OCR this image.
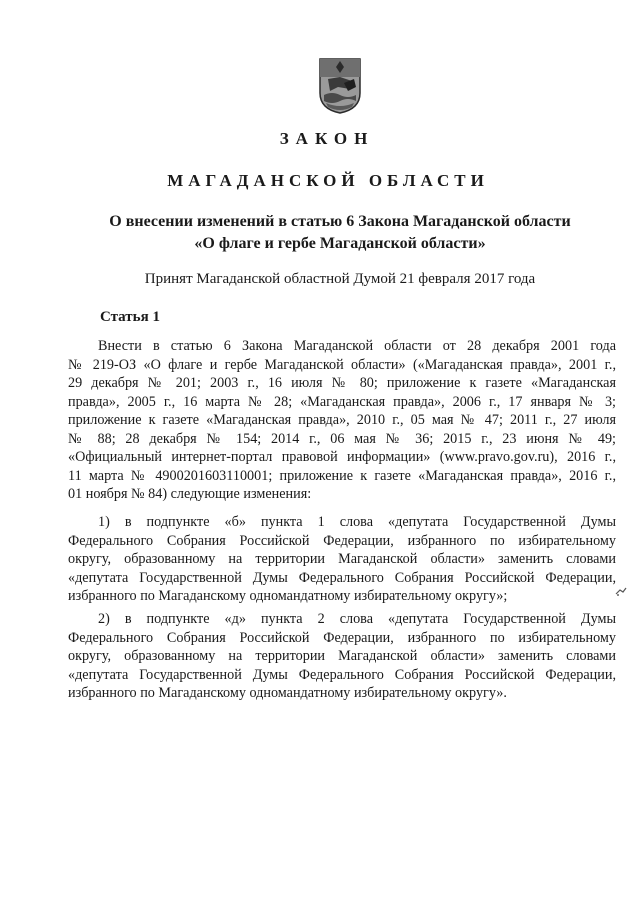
ЗАКОН
МАГАДАНСКОЙ ОБЛАСТИ
О внесении изменений в статью 6 Закона Магаданской области
«О флаге и гербе Магаданской области»
Принят Магаданской областной Думой 21 февраля 2017 года
Статья 1
Внести в статью 6 Закона Магаданской области от 28 декабря 2001 года
№ 219-ОЗ «О флаге и гербе Магаданской области» («Магаданская правда», 2001 г.,
29 декабря № 201; 2003 г., 16 июля № 80; приложение к газете «Магаданская
правда», 2005 г., 16 марта № 28; «Магаданская правда», 2006 г., 17 января № 3;
приложение к газете «Магаданская правда», 2010 г., 05 мая № 47; 2011 г., 27 июля
№ 88; 28 декабря № 154; 2014 г., 06 мая № 36; 2015 г., 23 июня № 49;
«Официальный интернет-портал правовой информации» (www.pravo.gov.ru), 2016 г.,
11 марта № 4900201603110001; приложение к газете «Магаданская правда», 2016 г.,
01 ноября № 84) следующие изменения:
1) в подпункте «б» пункта 1 слова «депутата Государственной Думы
Федерального Собрания Российской Федерации, избранного по избирательному
округу, образованному на территории Магаданской области» заменить словами
«депутата Государственной Думы Федерального Собрания Российской Федерации,
избранного по Магаданскому одномандатному избирательному округу»;
2) в подпункте «д» пункта 2 слова «депутата Государственной Думы
Федерального Собрания Российской Федерации, избранного по избирательному
округу, образованному на территории Магаданской области» заменить словами
«депутата Государственной Думы Федерального Собрания Российской Федерации,
избранного по Магаданскому одномандатному избирательному округу».
